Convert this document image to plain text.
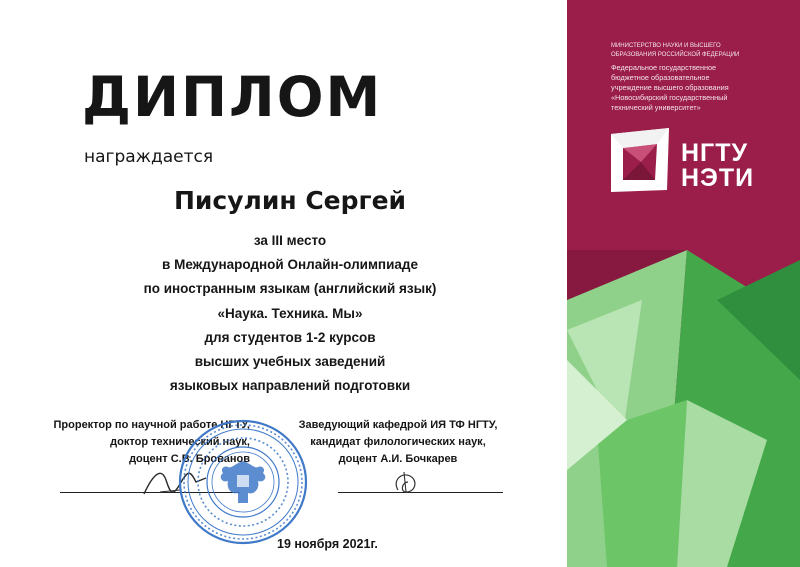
ДИПЛОМ
награждается
Писулин Сергей
за III место
в Международной Онлайн-олимпиаде
по иностранным языкам (английский язык)
«Наука. Техника. Мы»
для студентов 1-2 курсов
высших учебных заведений
языковых направлений подготовки
Проректор по научной работе НГТУ,
доктор технический наук,
доцент С.В. Брованов
Заведующий кафедрой ИЯ ТФ НГТУ,
кандидат филологических наук,
доцент А.И. Бочкарев
19 ноября 2021г.
МИНИСТЕРСТВО НАУКИ И ВЫСШЕГО
ОБРАЗОВАНИЯ РОССИЙСКОЙ ФЕДЕРАЦИИ
Федеральное государственное
бюджетное образовательное
учреждение высшего образования
«Новосибирский государственный
технический университет»
НГТУ
НЭТИ
